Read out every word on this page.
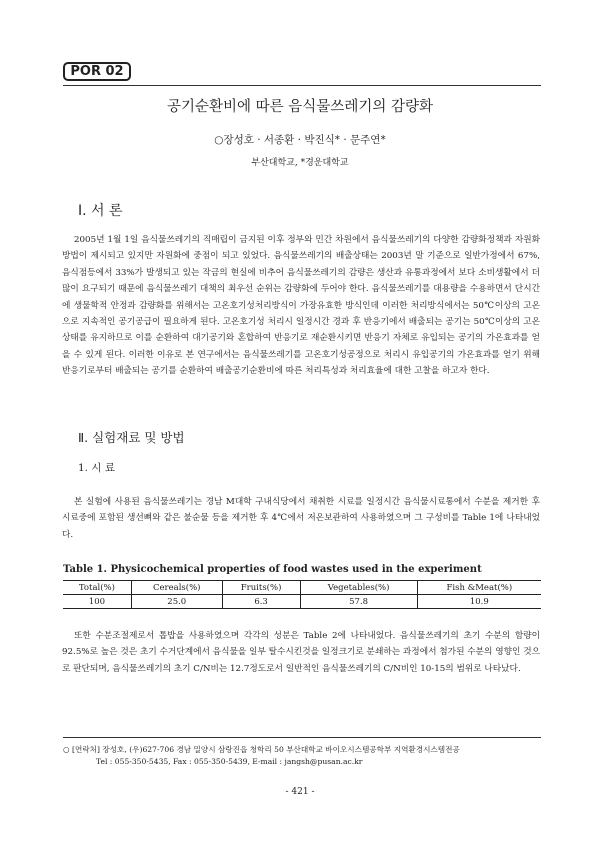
POR 02
공기순환비에 따른 음식물쓰레기의 감량화
○장성호 · 서종환 · 박진식* · 문주연*
부산대학교, *경운대학교
Ⅰ. 서 론

2005년 1월 1일 음식물쓰레기의 직매립이 금지된 이후 정부와 민간 차원에서 음식물쓰레기의 다양한 감량화정책과 자원화방법이 제시되고 있지만 자원화에 중점이 되고 있었다. 음식물쓰레기의 배출상태는 2003년 말 기준으로 일반가정에서 67%, 음식점등에서 33%가 발생되고 있는 작금의 현실에 비추어 음식물쓰레기의 감량은 생산과 유통과정에서 보다 소비생활에서 더 많이 요구되기 때문에 음식물쓰레기 대책의 최우선 순위는 감량화에 두어야 한다. 음식물쓰레기를 대용량을 수용하면서 단시간에 생물학적 안정과 감량화를 위해서는 고온호기성처리방식이 가장유효한 방식인데 이러한 처리방식에서는 50℃이상의 고온으로 지속적인 공기공급이 필요하게 된다. 고온호기성 처리시 일정시간 경과 후 반응기에서 배출되는 공기는 50℃이상의 고온 상태를 유지하므로 이를 순환하여 대기공기와 혼합하여 반응기로 재순환시키면 반응기 자체로 유입되는 공기의 가온효과를 얻을 수 있게 된다. 이러한 이유로 본 연구에서는 음식물쓰레기를 고온호기성공정으로 처리시 유입공기의 가온효과를 얻기 위해 반응기로부터 배출되는 공기를 순환하여 배출공기순환비에 따른 처리특성과 처리효율에 대한 고찰을 하고자 한다.

Ⅱ. 실험재료 및 방법
1. 시 료

본 실험에 사용된 음식물쓰레기는 경남 M대학 구내식당에서 채취한 시료를 일정시간 음식물시료통에서 수분을 제거한 후 시료중에 포함된 생선뼈와 같은 불순물 등을 제거한 후 4℃에서 저온보관하여 사용하였으며 그 구성비를 Table 1에 나타내었다.

Table 1. Physicochemical properties of food wastes used in the experiment
Total(%)	Cereals(%)	Fruits(%)	Vegetables(%)	Fish &Meat(%)
100	25.0	6.3	57.8	10.9

또한 수분조절제로서 톱밥을 사용하였으며 각각의 성분은 Table 2에 나타내었다. 음식물쓰레기의 초기 수분의 함량이 92.5%로 높은 것은 초기 수거단계에서 음식물을 일부 탈수시킨것을 일정크기로 분쇄하는 과정에서 첨가된 수분의 영향인 것으로 판단되며, 음식물쓰레기의 초기 C/N비는 12.7정도로서 일반적인 음식물쓰레기의 C/N비인 10-15의 범위로 나타났다.

○ [연락처] 장성호, (우)627-706 경남 밀양시 삼랑진읍 청학리 50 부산대학교 바이오시스템공학부 지역환경시스템전공
Tel : 055-350-5435, Fax : 055-350-5439, E-mail : jangsh@pusan.ac.kr
- 421 -
